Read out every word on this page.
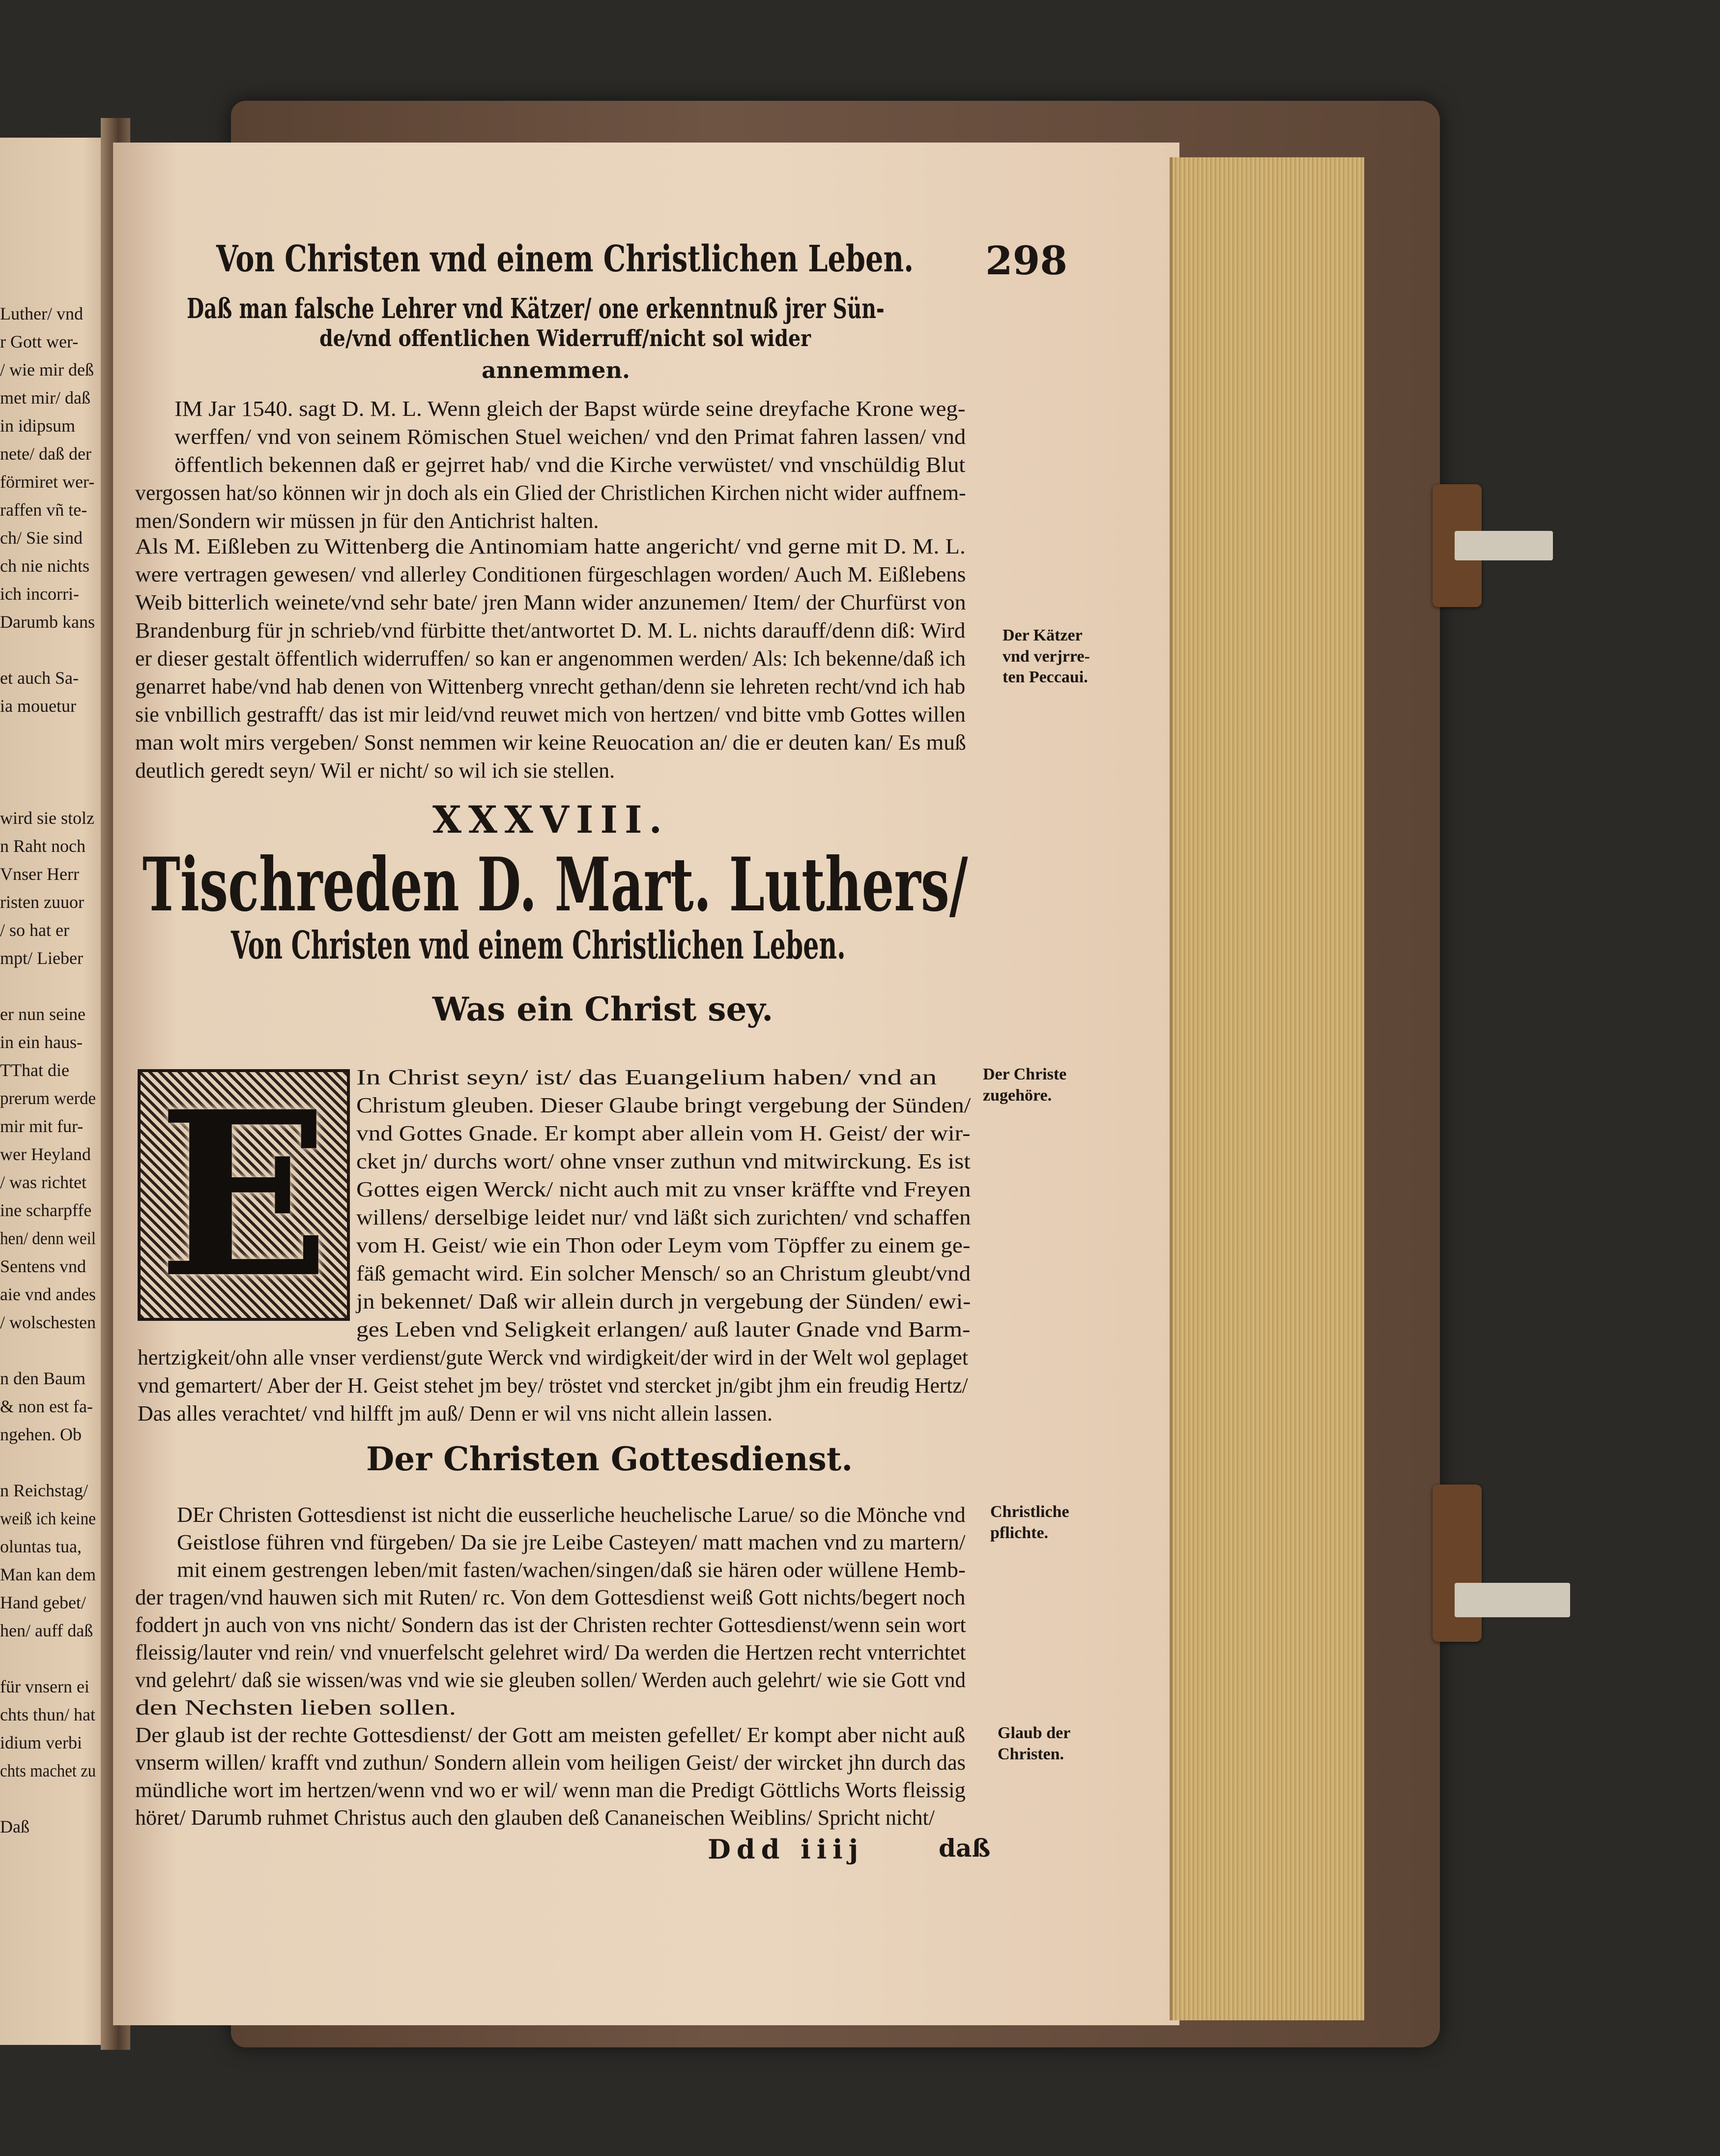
Luther/ vnd
r Gott wer-
/ wie mir deß
met mir/ daß
in idipsum
nete/ daß der
förmiret wer-
raffen vñ te-
ch/ Sie sind
ch nie nichts
ich incorri-
Darumb kans
et auch Sa-
ia mouetur
wird sie stolz
n Raht noch
Vnser Herr
risten zuuor
/ so hat er
mpt/ Lieber
er nun seine
in ein haus-
TThat die
prerum werde
mir mit fur-
wer Heyland
/ was richtet
ine scharpffe
hen/ denn weil
Sentens vnd
aie vnd andes
/ wolschesten
n den Baum
& non est fa-
ngehen. Ob
n Reichstag/
weiß ich keine
oluntas tua,
Man kan dem
Hand gebet/
hen/ auff daß
für vnsern ei
chts thun/ hat
idium verbi
chts machet zu
Daß
Von Christen vnd einem Christlichen Leben. 298
Daß man falsche Lehrer vnd Kätzer/ one erkenntnuß jrer Sün-
de/vnd offentlichen Widerruff/nicht sol wider
annemmen.
IM Jar 1540. sagt D. M. L. Wenn gleich der Bapst würde seine dreyfache Krone weg-
werffen/ vnd von seinem Römischen Stuel weichen/ vnd den Primat fahren lassen/ vnd
öffentlich bekennen daß er gejrret hab/ vnd die Kirche verwüstet/ vnd vnschüldig Blut
vergossen hat/so können wir jn doch als ein Glied der Christlichen Kirchen nicht wider auffnem-
men/Sondern wir müssen jn für den Antichrist halten.
Als M. Eißleben zu Wittenberg die Antinomiam hatte angericht/ vnd gerne mit D. M. L.
were vertragen gewesen/ vnd allerley Conditionen fürgeschlagen worden/ Auch M. Eißlebens
Weib bitterlich weinete/vnd sehr bate/ jren Mann wider anzunemen/ Item/ der Churfürst von
Brandenburg für jn schrieb/vnd fürbitte thet/antwortet D. M. L. nichts darauff/denn diß: Wird
er dieser gestalt öffentlich widerruffen/ so kan er angenommen werden/ Als: Ich bekenne/daß ich
genarret habe/vnd hab denen von Wittenberg vnrecht gethan/denn sie lehreten recht/vnd ich hab
sie vnbillich gestrafft/ das ist mir leid/vnd reuwet mich von hertzen/ vnd bitte vmb Gottes willen
man wolt mirs vergeben/ Sonst nemmen wir keine Reuocation an/ die er deuten kan/ Es muß
deutlich geredt seyn/ Wil er nicht/ so wil ich sie stellen.
Der Kätzer
vnd verjrre-
ten Peccaui.
XXXVIII.
Tischreden D. Mart. Luthers/
Von Christen vnd einem Christlichen Leben.
Was ein Christ sey.
E	In Christ seyn/ ist/ das Euangelium haben/ vnd an
Christum gleuben. Dieser Glaube bringt vergebung der Sünden/
vnd Gottes Gnade. Er kompt aber allein vom H. Geist/ der wir-
cket jn/ durchs wort/ ohne vnser zuthun vnd mitwirckung. Es ist
Gottes eigen Werck/ nicht auch mit zu vnser kräffte vnd Freyen
willens/ derselbige leidet nur/ vnd läßt sich zurichten/ vnd schaffen
vom H. Geist/ wie ein Thon oder Leym vom Töpffer zu einem ge-
fäß gemacht wird. Ein solcher Mensch/ so an Christum gleubt/vnd
jn bekennet/ Daß wir allein durch jn vergebung der Sünden/ ewi-
ges Leben vnd Seligkeit erlangen/ auß lauter Gnade vnd Barm-
hertzigkeit/ohn alle vnser verdienst/gute Werck vnd wirdigkeit/der wird in der Welt wol geplaget
vnd gemartert/ Aber der H. Geist stehet jm bey/ tröstet vnd stercket jn/gibt jhm ein freudig Hertz/
Das alles verachtet/ vnd hilfft jm auß/ Denn er wil vns nicht allein lassen.
Der Christe
zugehöre.
Der Christen Gottesdienst.
DEr Christen Gottesdienst ist nicht die eusserliche heuchelische Larue/ so die Mönche vnd
Geistlose führen vnd fürgeben/ Da sie jre Leibe Casteyen/ matt machen vnd zu martern/
mit einem gestrengen leben/mit fasten/wachen/singen/daß sie hären oder wüllene Hemb-
der tragen/vnd hauwen sich mit Ruten/ rc. Von dem Gottesdienst weiß Gott nichts/begert noch
foddert jn auch von vns nicht/ Sondern das ist der Christen rechter Gottesdienst/wenn sein wort
fleissig/lauter vnd rein/ vnd vnuerfelscht gelehret wird/ Da werden die Hertzen recht vnterrichtet
vnd gelehrt/ daß sie wissen/was vnd wie sie gleuben sollen/ Werden auch gelehrt/ wie sie Gott vnd
den Nechsten lieben sollen.
Der glaub ist der rechte Gottesdienst/ der Gott am meisten gefellet/ Er kompt aber nicht auß
vnserm willen/ krafft vnd zuthun/ Sondern allein vom heiligen Geist/ der wircket jhn durch das
mündliche wort im hertzen/wenn vnd wo er wil/ wenn man die Predigt Göttlichs Worts fleissig
höret/ Darumb ruhmet Christus auch den glauben deß Cananeischen Weiblins/ Spricht nicht/
Christliche
pflichte.
Glaub der
Christen.
Ddd iiij	daß
